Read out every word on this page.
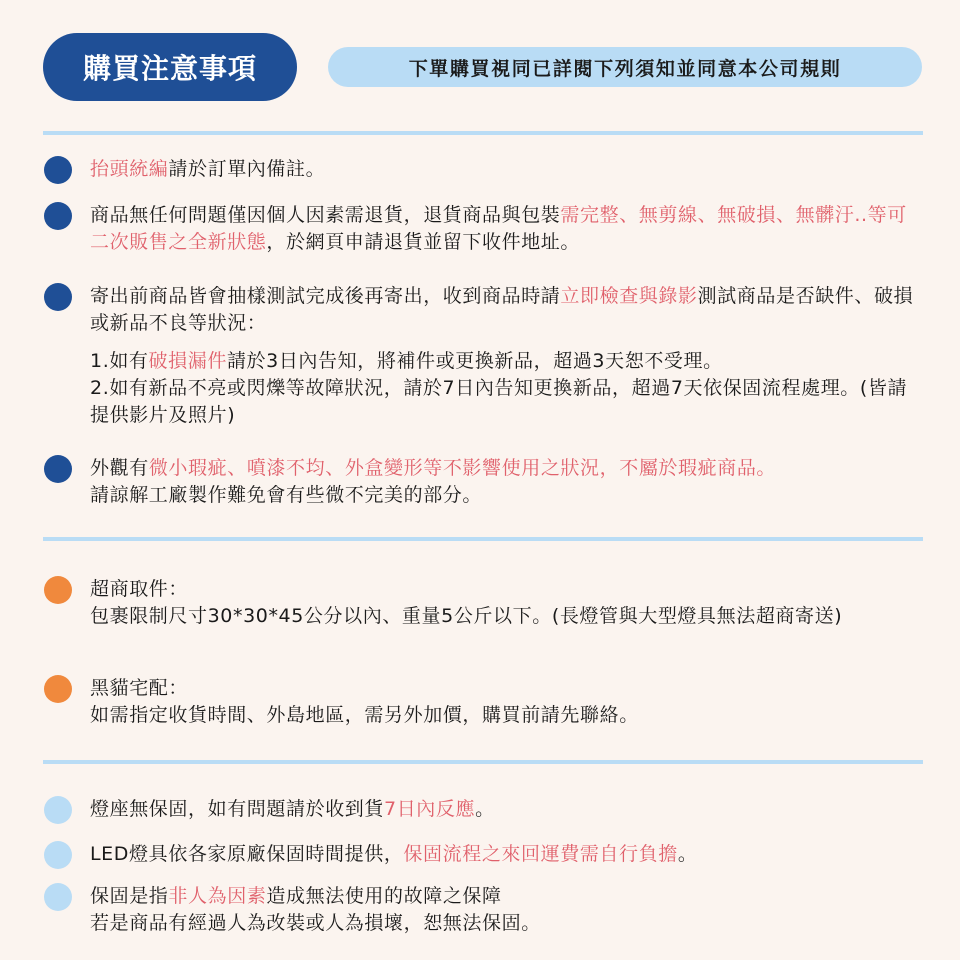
購買注意事項	下單購買視同已詳閱下列須知並同意本公司規則

抬頭統編請於訂單內備註。

商品無任何問題僅因個人因素需退貨，退貨商品與包裝需完整、無剪線、無破損、無髒汙..等可二次販售之全新狀態，於網頁申請退貨並留下收件地址。

寄出前商品皆會抽樣測試完成後再寄出，收到商品時請立即檢查與錄影測試商品是否缺件、破損或新品不良等狀況：

1.如有破損漏件請於3日內告知，將補件或更換新品，超過3天恕不受理。

2.如有新品不亮或閃爍等故障狀況，請於7日內告知更換新品，超過7天依保固流程處理。(皆請提供影片及照片)

外觀有微小瑕疵、噴漆不均、外盒變形等不影響使用之狀況，不屬於瑕疵商品。

請諒解工廠製作難免會有些微不完美的部分。

超商取件：

包裹限制尺寸30*30*45公分以內、重量5公斤以下。(長燈管與大型燈具無法超商寄送)

黑貓宅配：

如需指定收貨時間、外島地區，需另外加價，購買前請先聯絡。

燈座無保固，如有問題請於收到貨7日內反應。

LED燈具依各家原廠保固時間提供，保固流程之來回運費需自行負擔。

保固是指非人為因素造成無法使用的故障之保障

若是商品有經過人為改裝或人為損壞，恕無法保固。
